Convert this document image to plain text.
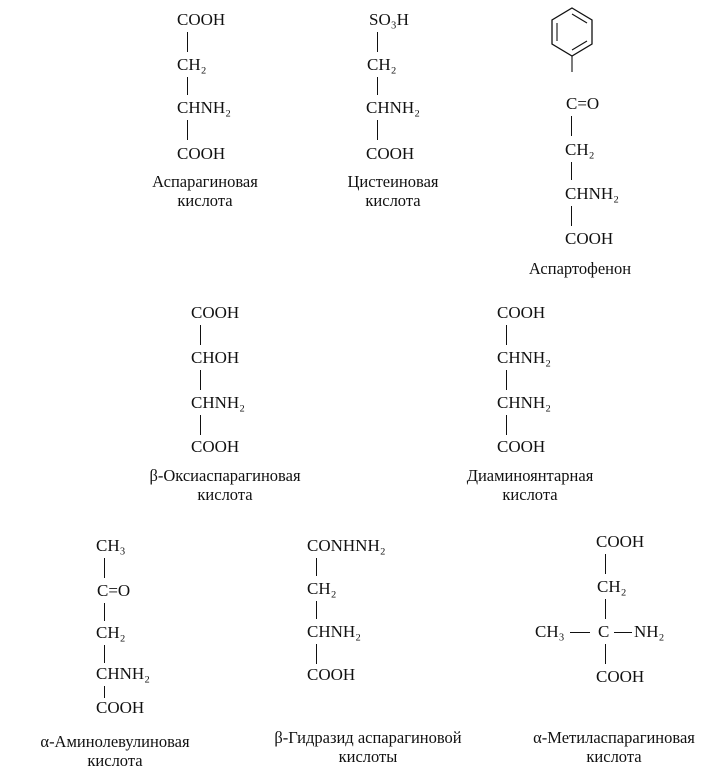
COOH
CH₂
CHNH₂
COOH
Аспарагиновая
кислота
SO₃H
CH₂
CHNH₂
COOH
Цистеиновая
кислота
C=O
CH₂
CHNH₂
COOH
Аспартофенон
COOH
CHOH
CHNH₂
COOH
β-Оксиаспарагиновая
кислота
COOH
CHNH₂
CHNH₂
COOH
Диаминоянтарная
кислота
CH₃
C=O
CH₂
CHNH₂
COOH
α-Аминолевулиновая
кислота
CONHNH₂
CH₂
CHNH₂
COOH
β-Гидразид аспарагиновой
кислоты
COOH
CH₂
CH₃ C NH₂
COOH
α-Метиласпарагиновая
кислота
